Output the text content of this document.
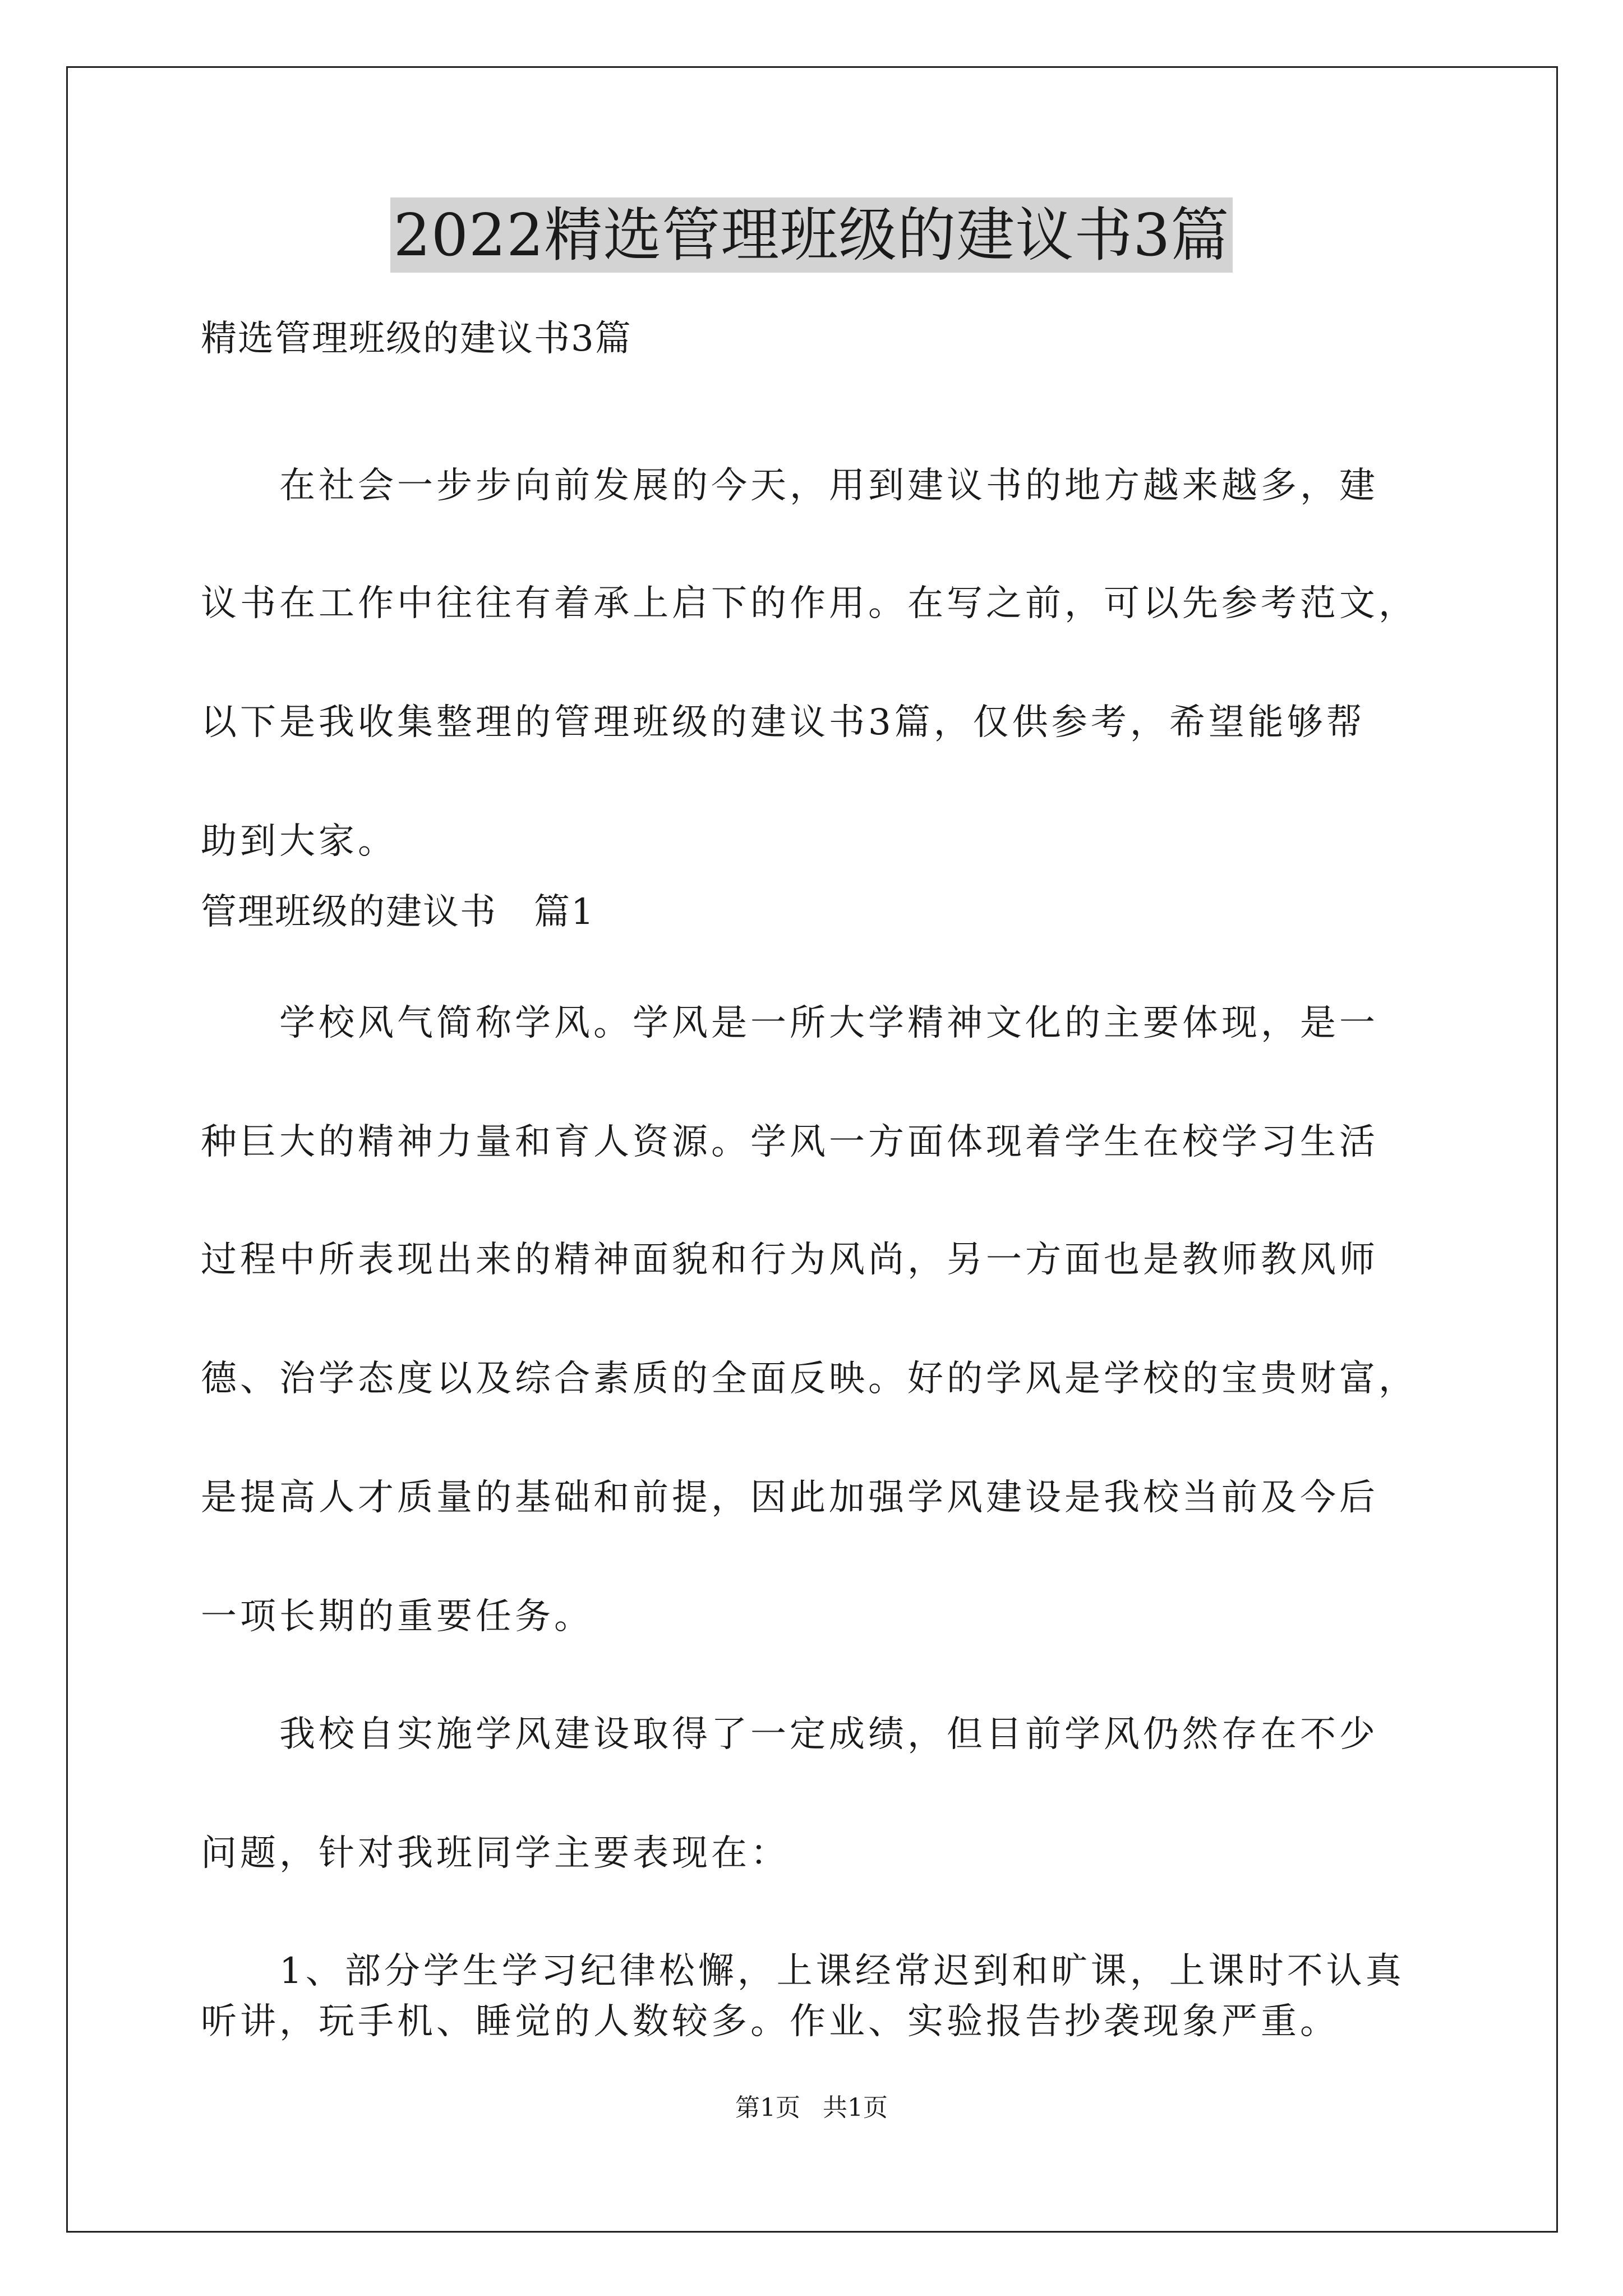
2022精选管理班级的建议书3篇
精选管理班级的建议书3篇
　　在社会一步步向前发展的今天，用到建议书的地方越来越多，建
议书在工作中往往有着承上启下的作用。在写之前，可以先参考范文，
以下是我收集整理的管理班级的建议书3篇，仅供参考，希望能够帮
助到大家。
管理班级的建议书　篇1
　　学校风气简称学风。学风是一所大学精神文化的主要体现，是一
种巨大的精神力量和育人资源。学风一方面体现着学生在校学习生活
过程中所表现出来的精神面貌和行为风尚，另一方面也是教师教风师
德、治学态度以及综合素质的全面反映。好的学风是学校的宝贵财富，
是提高人才质量的基础和前提，因此加强学风建设是我校当前及今后
一项长期的重要任务。
　　我校自实施学风建设取得了一定成绩，但目前学风仍然存在不少
问题，针对我班同学主要表现在：
　　1、部分学生学习纪律松懈，上课经常迟到和旷课，上课时不认真
听讲，玩手机、睡觉的人数较多。作业、实验报告抄袭现象严重。
第1页 共1页
